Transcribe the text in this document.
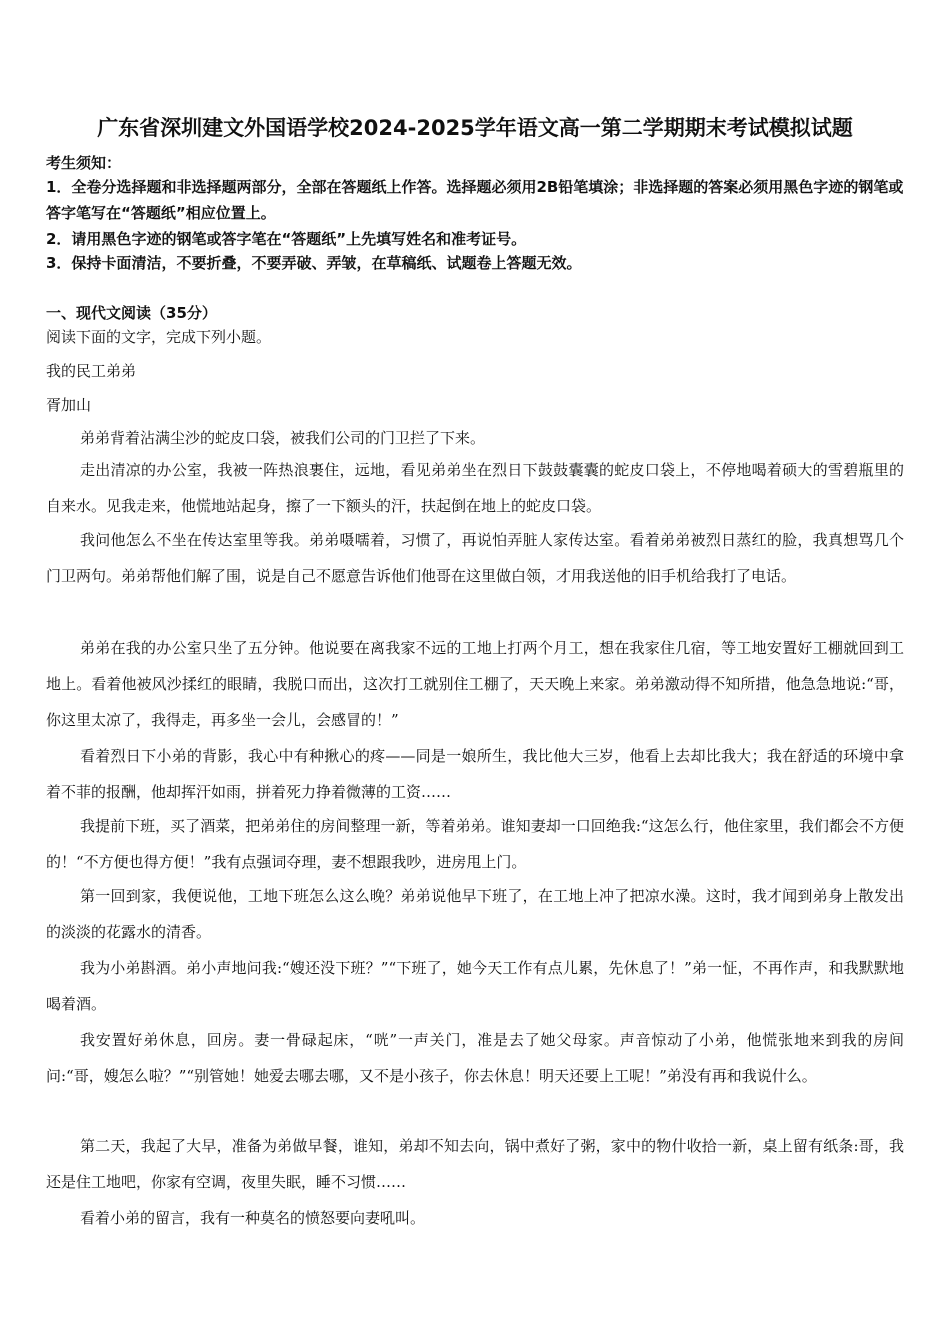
广东省深圳建文外国语学校2024-2025学年语文高一第二学期期末考试模拟试题
考生须知：
1．全卷分选择题和非选择题两部分，全部在答题纸上作答。选择题必须用2B铅笔填涂；非选择题的答案必须用黑色字迹的钢笔或答字笔写在“答题纸”相应位置上。
2．请用黑色字迹的钢笔或答字笔在“答题纸”上先填写姓名和准考证号。
3．保持卡面清洁，不要折叠，不要弄破、弄皱，在草稿纸、试题卷上答题无效。
一、现代文阅读（35分）
阅读下面的文字，完成下列小题。
我的民工弟弟
胥加山
弟弟背着沾满尘沙的蛇皮口袋，被我们公司的门卫拦了下来。
走出清凉的办公室，我被一阵热浪裹住，远地，看见弟弟坐在烈日下鼓鼓囊囊的蛇皮口袋上，不停地喝着硕大的雪碧瓶里的自来水。见我走来，他慌地站起身，擦了一下额头的汗，扶起倒在地上的蛇皮口袋。
我问他怎么不坐在传达室里等我。弟弟嗫嚅着，习惯了，再说怕弄脏人家传达室。看着弟弟被烈日蒸红的脸，我真想骂几个门卫两句。弟弟帮他们解了围，说是自己不愿意告诉他们他哥在这里做白领，才用我送他的旧手机给我打了电话。
弟弟在我的办公室只坐了五分钟。他说要在离我家不远的工地上打两个月工，想在我家住几宿，等工地安置好工棚就回到工地上。看着他被风沙揉红的眼睛，我脱口而出，这次打工就别住工棚了，天天晚上来家。弟弟激动得不知所措，他急急地说:“哥，你这里太凉了，我得走，再多坐一会儿，会感冒的！”
看着烈日下小弟的背影，我心中有种揪心的疼——同是一娘所生，我比他大三岁，他看上去却比我大；我在舒适的环境中拿着不菲的报酬，他却挥汗如雨，拼着死力挣着微薄的工资……
我提前下班，买了酒菜，把弟弟住的房间整理一新，等着弟弟。谁知妻却一口回绝我:“这怎么行，他住家里，我们都会不方便的！“不方便也得方便！”我有点强词夺理，妻不想跟我吵，进房甩上门。
第一回到家，我便说他，工地下班怎么这么晚？弟弟说他早下班了，在工地上冲了把凉水澡。这时，我才闻到弟身上散发出的淡淡的花露水的清香。
我为小弟斟酒。弟小声地问我:“嫂还没下班？”“下班了，她今天工作有点儿累，先休息了！”弟一怔，不再作声，和我默默地喝着酒。
我安置好弟休息，回房。妻一骨碌起床，“咣”一声关门，准是去了她父母家。声音惊动了小弟，他慌张地来到我的房间问:“哥，嫂怎么啦？”“别管她！她爱去哪去哪，又不是小孩子，你去休息！明天还要上工呢！”弟没有再和我说什么。
第二天，我起了大早，准备为弟做早餐，谁知，弟却不知去向，锅中煮好了粥，家中的物什收拾一新，桌上留有纸条:哥，我还是住工地吧，你家有空调，夜里失眠，睡不习惯……
看着小弟的留言，我有一种莫名的愤怒要向妻吼叫。
